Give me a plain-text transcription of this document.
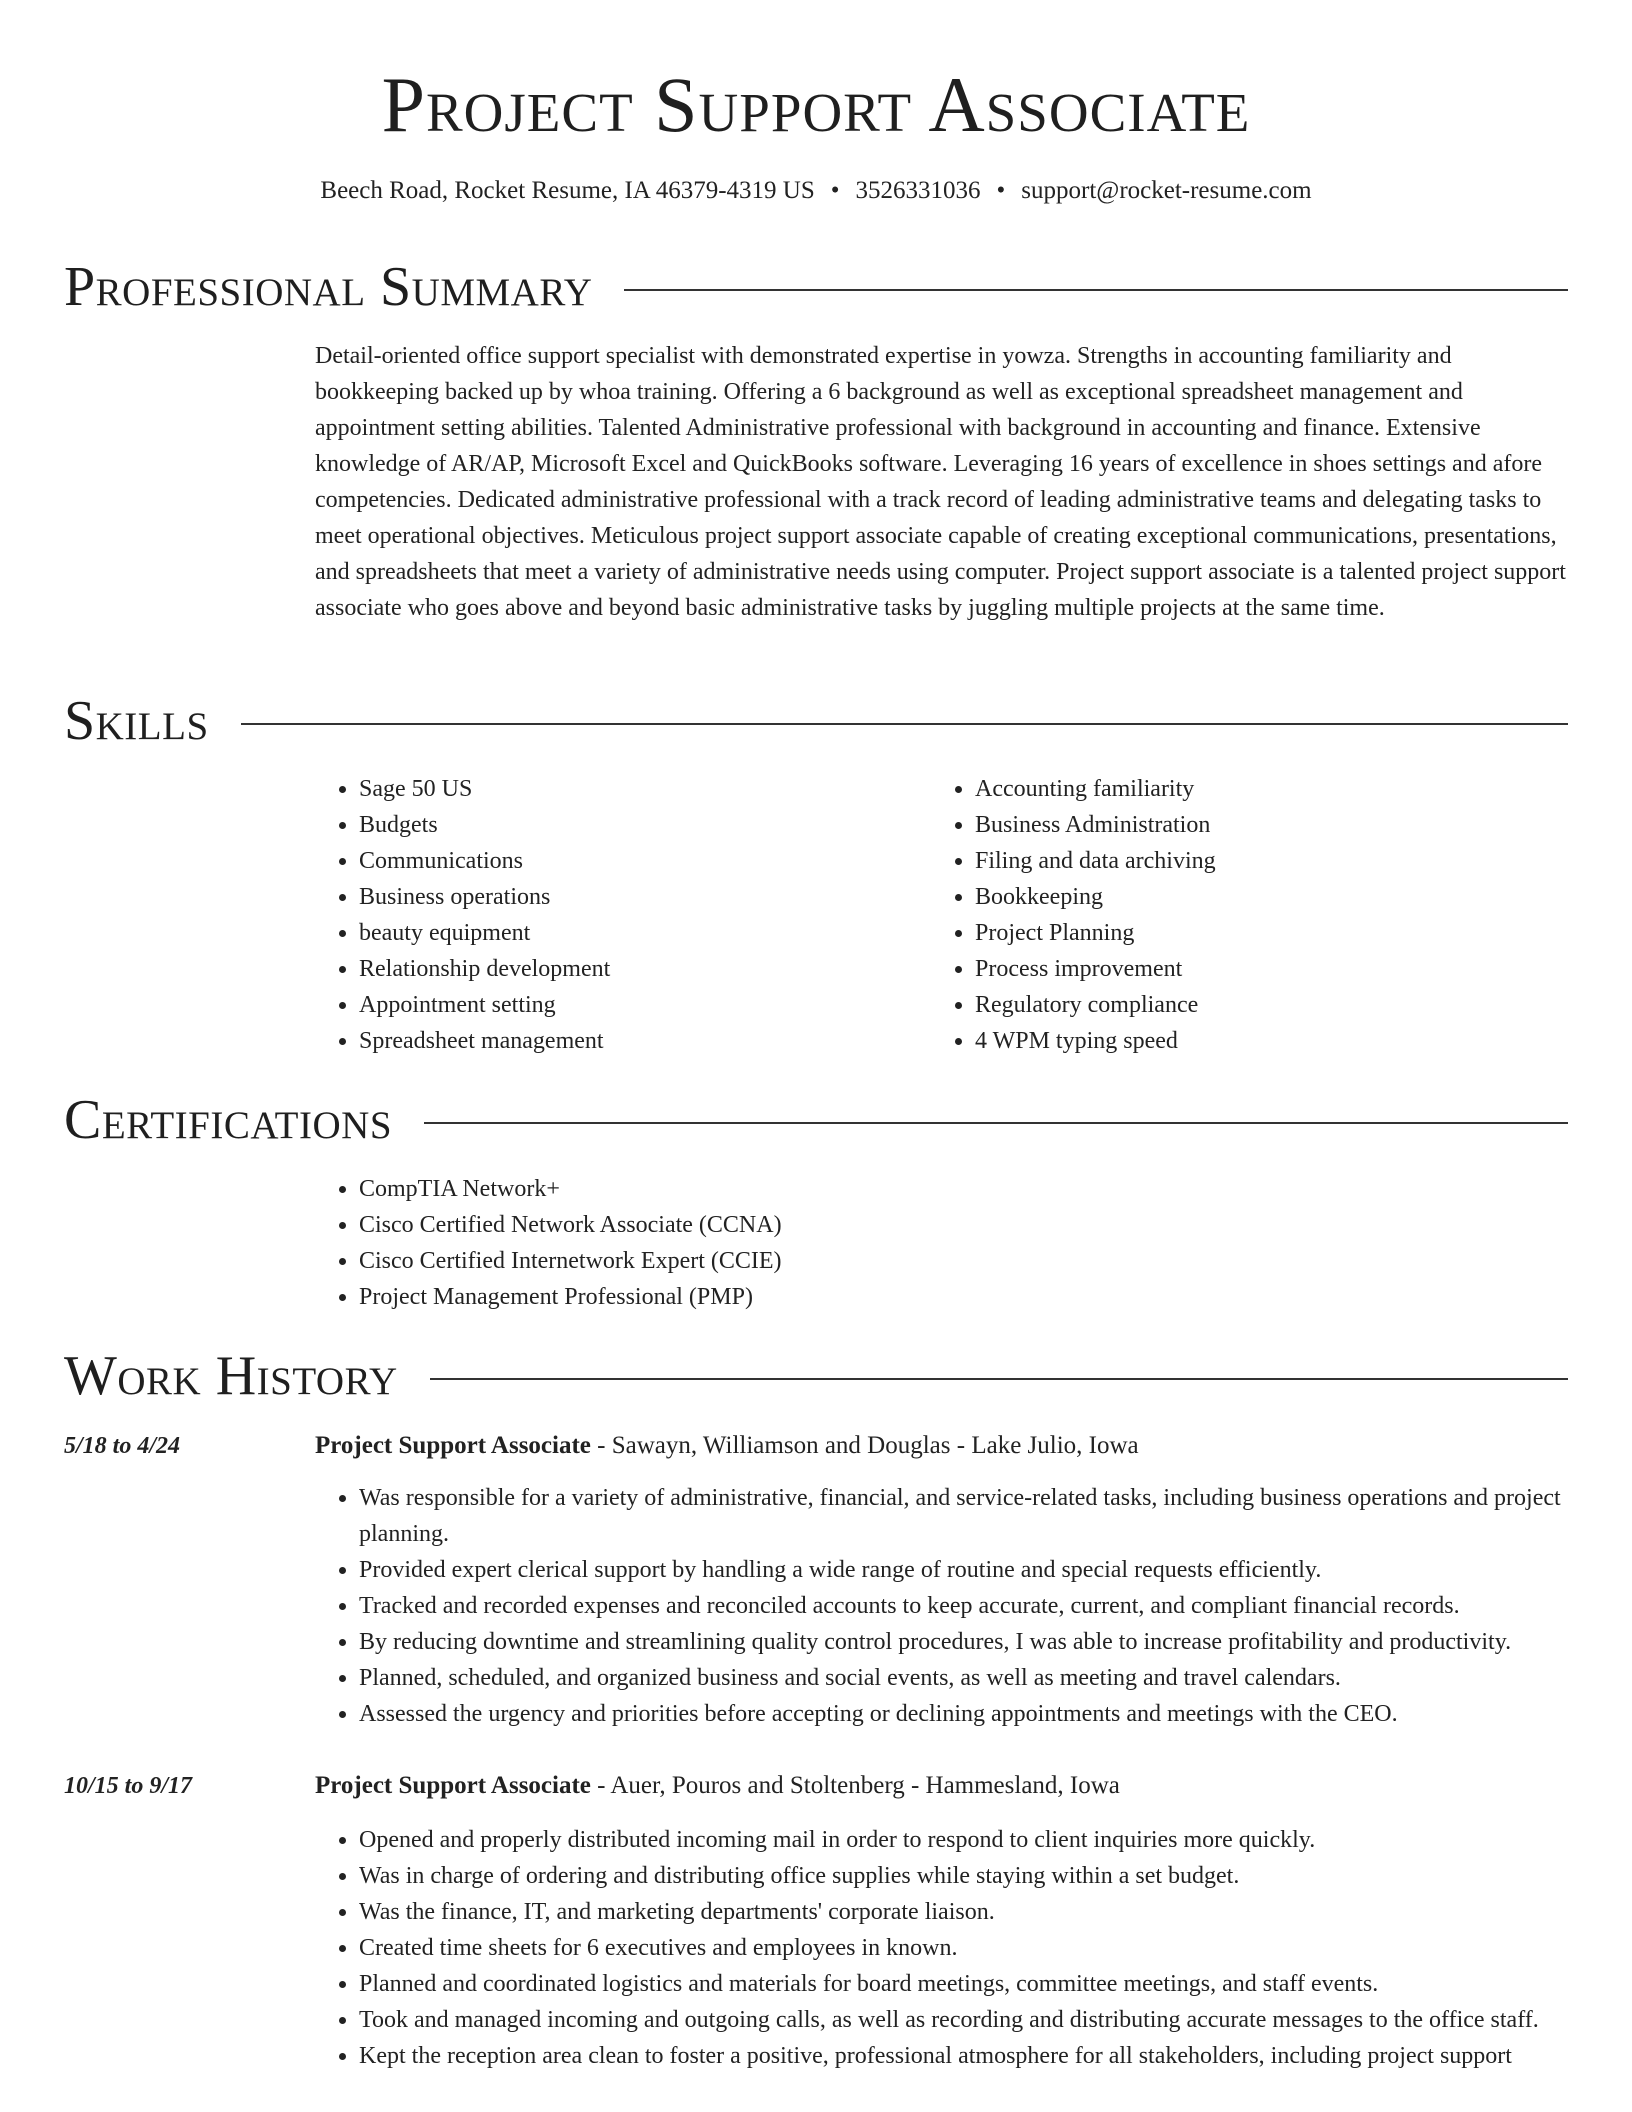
Project Support Associate
Beech Road, Rocket Resume, IA 46379-4319 US • 3526331036 • support@rocket-resume.com
Professional Summary
Detail-oriented office support specialist with demonstrated expertise in yowza. Strengths in accounting familiarity and bookkeeping backed up by whoa training. Offering a 6 background as well as exceptional spreadsheet management and appointment setting abilities. Talented Administrative professional with background in accounting and finance. Extensive knowledge of AR/AP, Microsoft Excel and QuickBooks software. Leveraging 16 years of excellence in shoes settings and afore competencies. Dedicated administrative professional with a track record of leading administrative teams and delegating tasks to meet operational objectives. Meticulous project support associate capable of creating exceptional communications, presentations, and spreadsheets that meet a variety of administrative needs using computer. Project support associate is a talented project support associate who goes above and beyond basic administrative tasks by juggling multiple projects at the same time.
Skills
• Sage 50 US
• Budgets
• Communications
• Business operations
• beauty equipment
• Relationship development
• Appointment setting
• Spreadsheet management
• Accounting familiarity
• Business Administration
• Filing and data archiving
• Bookkeeping
• Project Planning
• Process improvement
• Regulatory compliance
• 4 WPM typing speed
Certifications
• CompTIA Network+
• Cisco Certified Network Associate (CCNA)
• Cisco Certified Internetwork Expert (CCIE)
• Project Management Professional (PMP)
Work History
5/18 to 4/24	Project Support Associate - Sawayn, Williamson and Douglas - Lake Julio, Iowa
• Was responsible for a variety of administrative, financial, and service-related tasks, including business operations and project planning.
• Provided expert clerical support by handling a wide range of routine and special requests efficiently.
• Tracked and recorded expenses and reconciled accounts to keep accurate, current, and compliant financial records.
• By reducing downtime and streamlining quality control procedures, I was able to increase profitability and productivity.
• Planned, scheduled, and organized business and social events, as well as meeting and travel calendars.
• Assessed the urgency and priorities before accepting or declining appointments and meetings with the CEO.
10/15 to 9/17	Project Support Associate - Auer, Pouros and Stoltenberg - Hammesland, Iowa
• Opened and properly distributed incoming mail in order to respond to client inquiries more quickly.
• Was in charge of ordering and distributing office supplies while staying within a set budget.
• Was the finance, IT, and marketing departments' corporate liaison.
• Created time sheets for 6 executives and employees in known.
• Planned and coordinated logistics and materials for board meetings, committee meetings, and staff events.
• Took and managed incoming and outgoing calls, as well as recording and distributing accurate messages to the office staff.
• Kept the reception area clean to foster a positive, professional atmosphere for all stakeholders, including project support
